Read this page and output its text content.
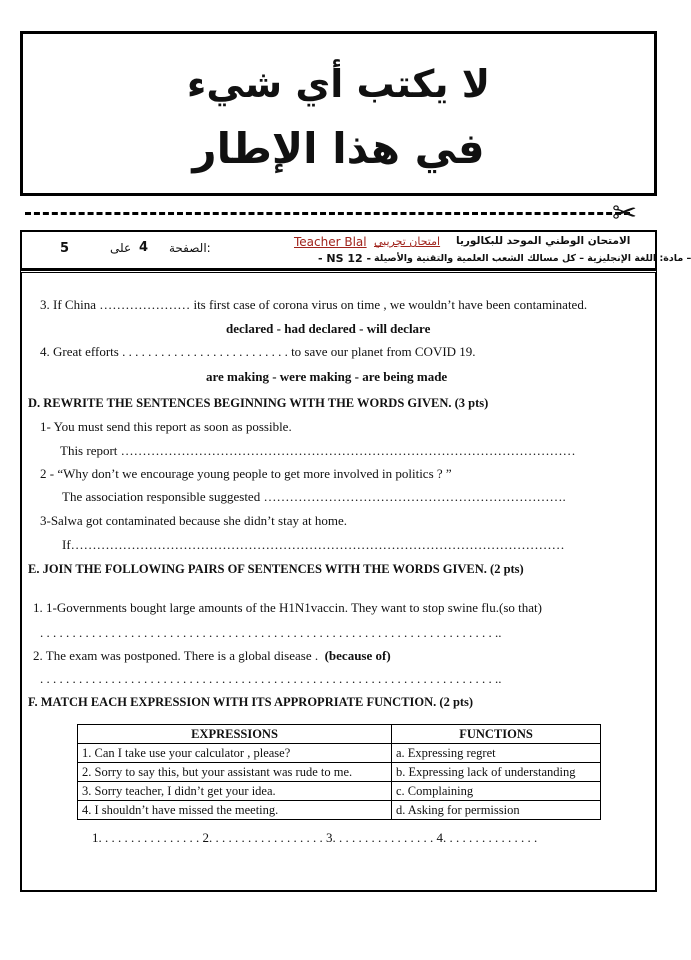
لا يكتب أي شيء
في هذا الإطار
✂
5	على 4 الصفحة:	Teacher Blal امتحان تجريبي الامتحان الوطني الموحد للبكالوريا
مادة: اللغة الإنجليزية – كل مسالك الشعب العلمية والتقنية والأصيلة –
- NS 12 -
3. If China ………………… its first case of corona virus on time , we wouldn’t have been contaminated.
declared - had declared - will declare
4. Great efforts . . . . . . . . . . . . . . . . . . . . . . . . . . to save our planet from COVID 19.
are making - were making - are being made
D. REWRITE THE SENTENCES BEGINNING WITH THE WORDS GIVEN. (3 pts)
1- You must send this report as soon as possible.
This report ……………………………………………………………………………………………
2 - “Why don’t we encourage young people to get more involved in politics ? ”
The association responsible suggested …………………………………………………………….
3-Salwa got contaminated because she didn’t stay at home.
If……………………………………………………………………………………………………
E. JOIN THE FOLLOWING PAIRS OF SENTENCES WITH THE WORDS GIVEN. (2 pts)
1. 1-Governments bought large amounts of the H1N1vaccin. They want to stop swine flu.(so that)
. . . . . . . . . . . . . . . . . . . . . . . . . . . . . . . . . . . . . . . . . . . . . . . . . . . . . . . . . . . . . . . . . . . . . . ..
2. The exam was postponed. There is a global disease . (because of)
. . . . . . . . . . . . . . . . . . . . . . . . . . . . . . . . . . . . . . . . . . . . . . . . . . . . . . . . . . . . . . . . . . . . . . ..
F. MATCH EACH EXPRESSION WITH ITS APPROPRIATE FUNCTION. (2 pts)
EXPRESSIONS	FUNCTIONS
1. Can I take use your calculator , please?	a. Expressing regret
2. Sorry to say this, but your assistant was rude to me.	b. Expressing lack of understanding
3. Sorry teacher, I didn’t get your idea.	c. Complaining
4. I shouldn’t have missed the meeting.	d. Asking for permission
1. . . . . . . . . . . . . . . . 2. . . . . . . . . . . . . . . . . . 3. . . . . . . . . . . . . . . . 4. . . . . . . . . . . . . . .
